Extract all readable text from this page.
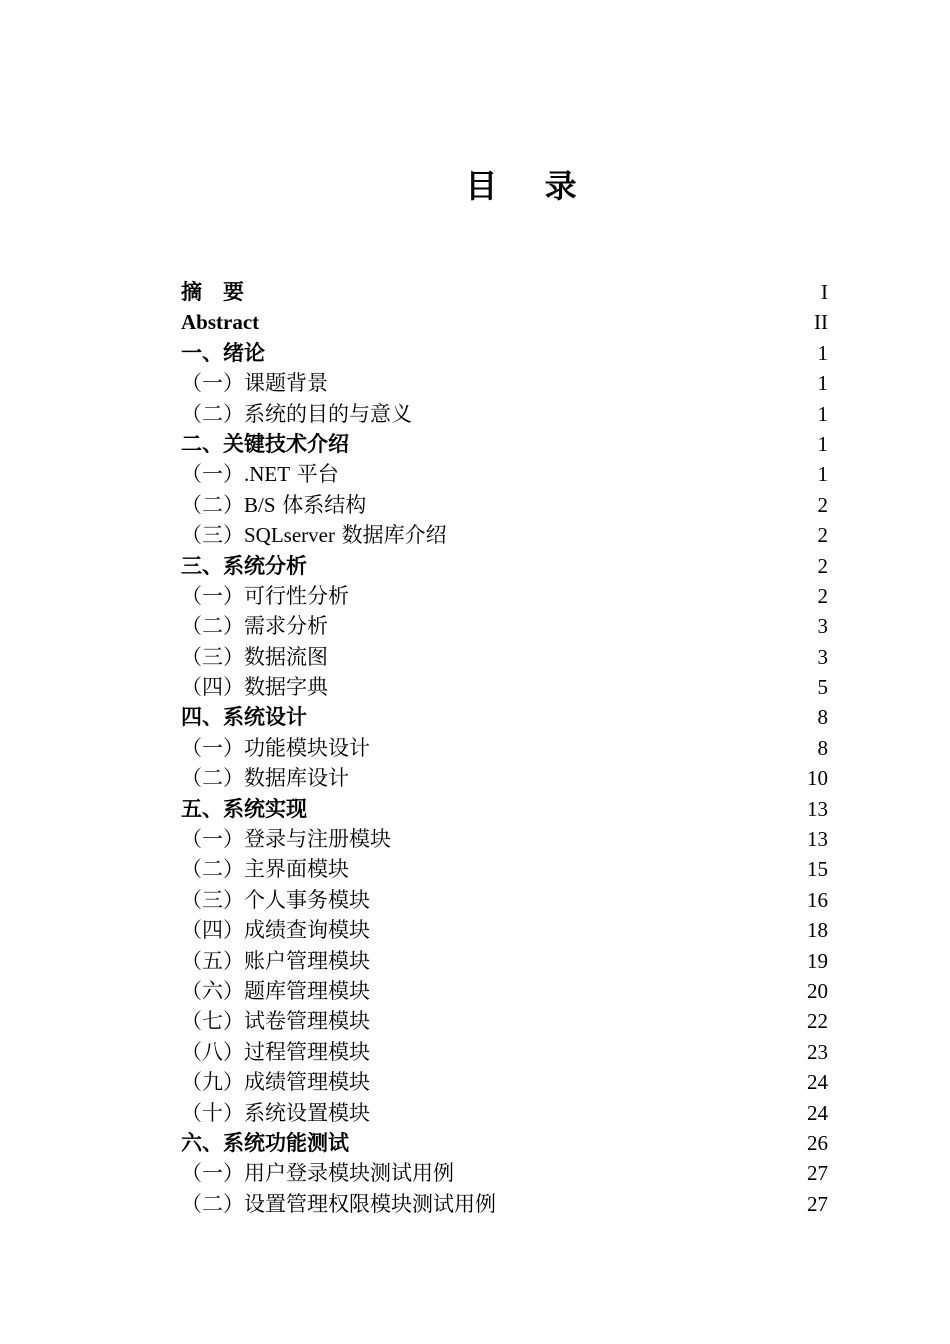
目 录
摘　要	I
Abstract	II
一、绪论	1
（一）课题背景	1
（二）系统的目的与意义	1
二、关键技术介绍	1
（一）.NET 平台	1
（二）B/S 体系结构	2
（三）SQLserver 数据库介绍	2
三、系统分析	2
（一）可行性分析	2
（二）需求分析	3
（三）数据流图	3
（四）数据字典	5
四、系统设计	8
（一）功能模块设计	8
（二）数据库设计	10
五、系统实现	13
（一）登录与注册模块	13
（二）主界面模块	15
（三）个人事务模块	16
（四）成绩查询模块	18
（五）账户管理模块	19
（六）题库管理模块	20
（七）试卷管理模块	22
（八）过程管理模块	23
（九）成绩管理模块	24
（十）系统设置模块	24
六、系统功能测试	26
（一）用户登录模块测试用例	27
（二）设置管理权限模块测试用例	27
